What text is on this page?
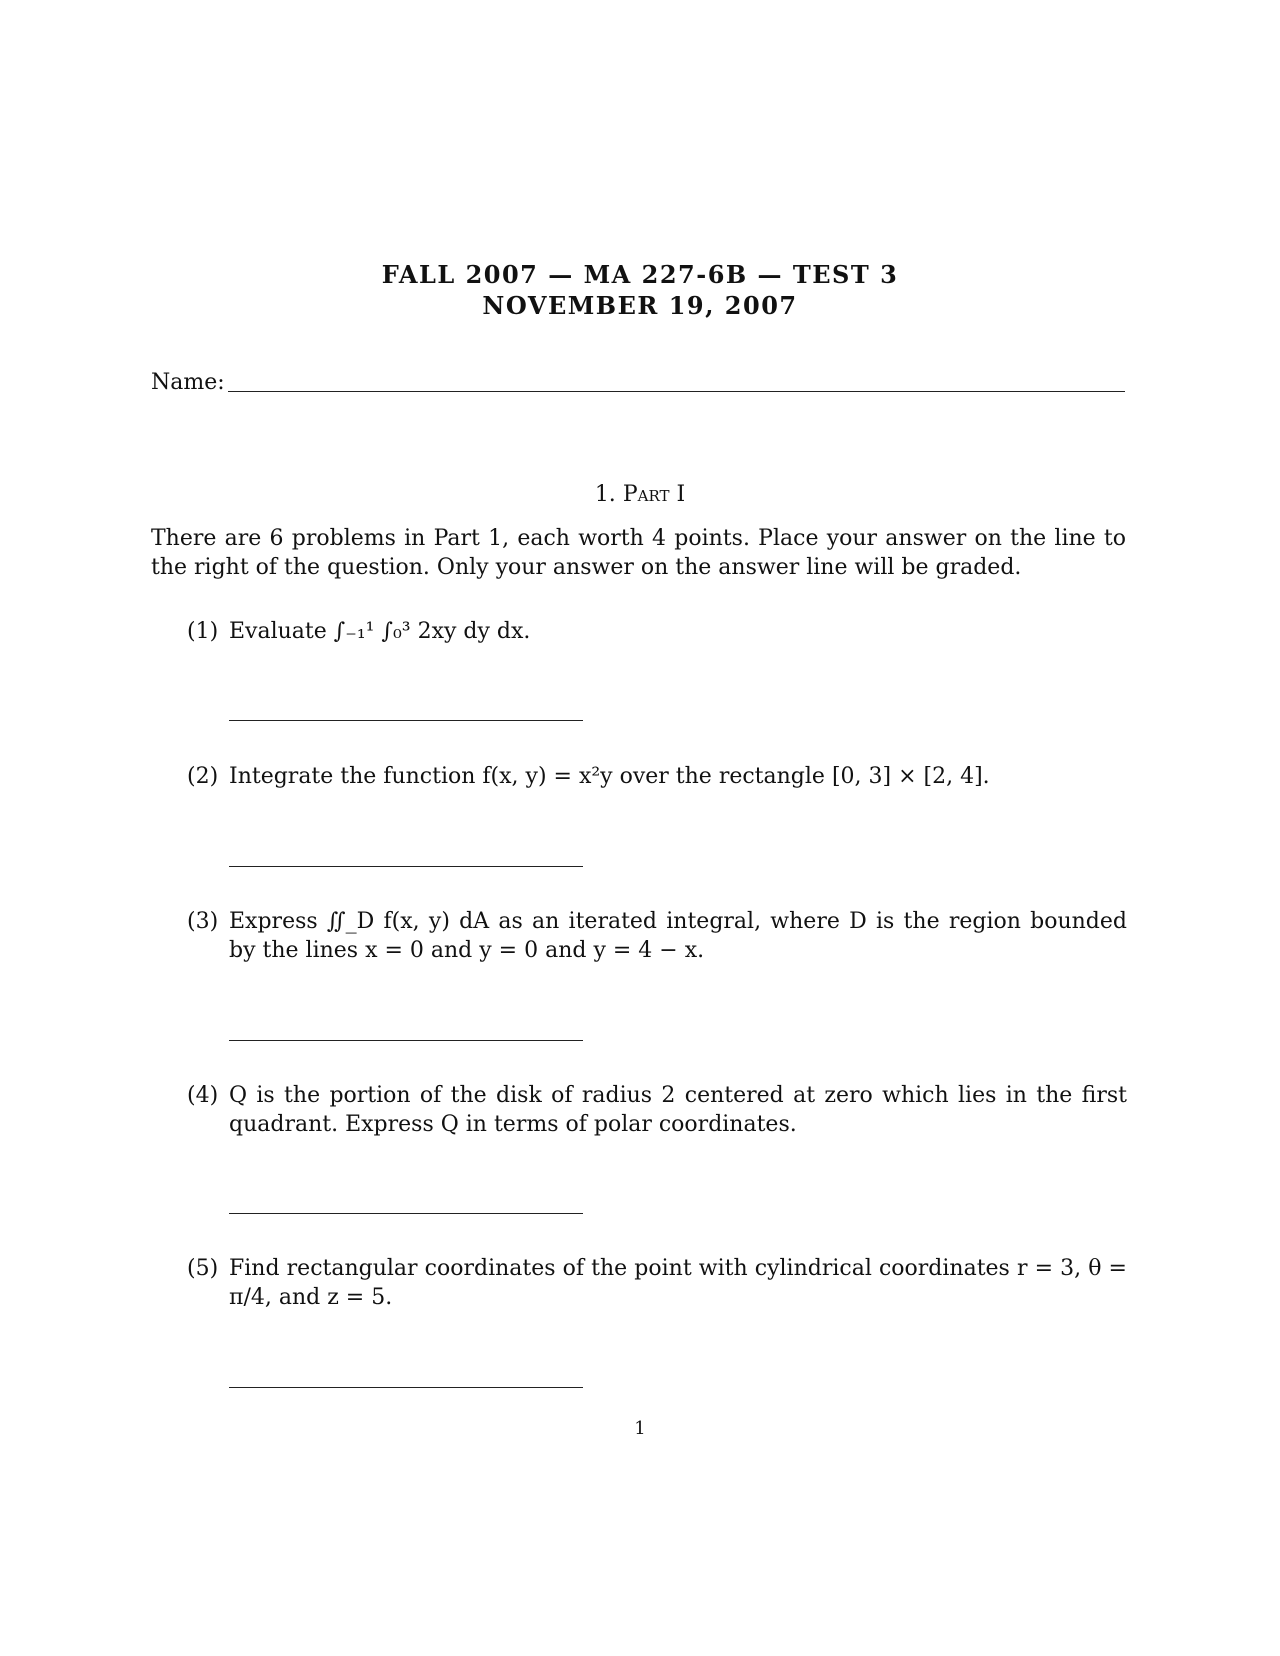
FALL 2007 — MA 227-6B — TEST 3
NOVEMBER 19, 2007
Name:
1. Part I
There are 6 problems in Part 1, each worth 4 points. Place your answer on the line to the right of the question. Only your answer on the answer line will be graded.
(1) Evaluate ∫₋₁¹ ∫₀³ 2xy dy dx.
(2) Integrate the function f(x, y) = x²y over the rectangle [0, 3] × [2, 4].
(3) Express ∬_D f(x, y) dA as an iterated integral, where D is the region bounded by the lines x = 0 and y = 0 and y = 4 − x.
(4) Q is the portion of the disk of radius 2 centered at zero which lies in the first quadrant. Express Q in terms of polar coordinates.
(5) Find rectangular coordinates of the point with cylindrical coordinates r = 3, θ = π/4, and z = 5.
1
